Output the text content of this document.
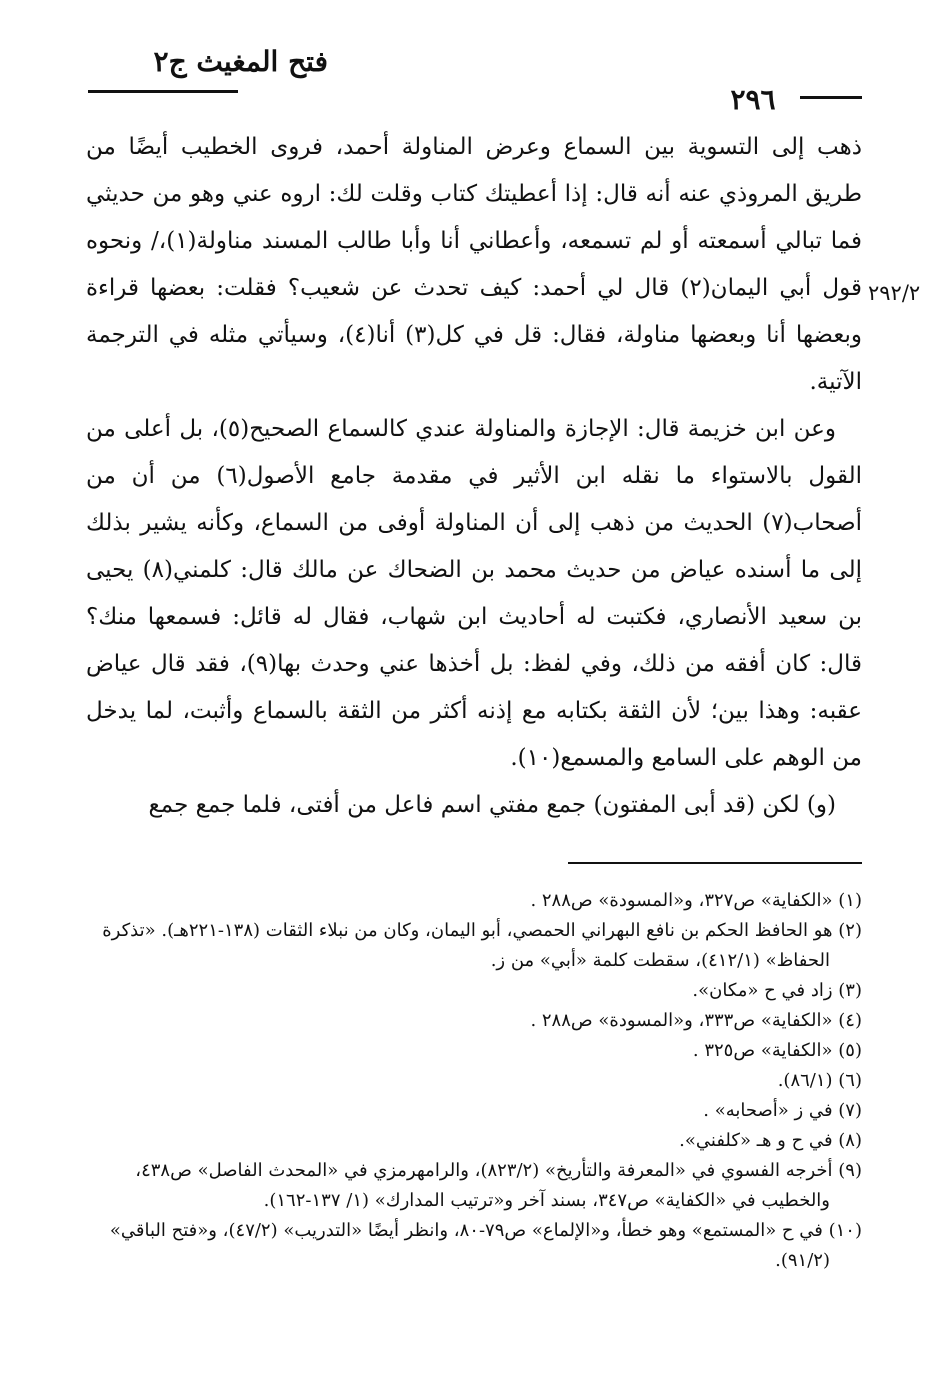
فتح المغيث ج٢
٢٩٦
٢٩٢/٢

ذهب إلى التسوية بين السماع وعرض المناولة أحمد، فروى الخطيب أيضًا من طريق المروذي عنه أنه قال: إذا أعطيتك كتاب وقلت لك: اروه عني وهو من حديثي فما تبالي أسمعته أو لم تسمعه، وأعطاني أنا وأبا طالب المسند مناولة(١)،/ ونحوه قول أبي اليمان(٢) قال لي أحمد: كيف تحدث عن شعيب؟ فقلت: بعضها قراءة وبعضها أنا وبعضها مناولة، فقال: قل في كل(٣) أنا(٤)، وسيأتي مثله في الترجمة الآتية.

وعن ابن خزيمة قال: الإجازة والمناولة عندي كالسماع الصحيح(٥)، بل أعلى من القول بالاستواء ما نقله ابن الأثير في مقدمة جامع الأصول(٦) من أن من أصحاب(٧) الحديث من ذهب إلى أن المناولة أوفى من السماع، وكأنه يشير بذلك إلى ما أسنده عياض من حديث محمد بن الضحاك عن مالك قال: كلمني(٨) يحيى بن سعيد الأنصاري، فكتبت له أحاديث ابن شهاب، فقال له قائل: فسمعها منك؟ قال: كان أفقه من ذلك، وفي لفظ: بل أخذها عني وحدث بها(٩)، فقد قال عياض عقبه: وهذا بين؛ لأن الثقة بكتابه مع إذنه أكثر من الثقة بالسماع وأثبت، لما يدخل من الوهم على السامع والمسمع(١٠).

(و) لكن (قد أبى المفتون) جمع مفتي اسم فاعل من أفتى، فلما جمع جمع

(١) «الكفاية» ص٣٢٧، و«المسودة» ص٢٨٨ .

(٢) هو الحافظ الحكم بن نافع البهراني الحمصي، أبو اليمان، وكان من نبلاء الثقات (١٣٨-٢٢١هـ). «تذكرة الحفاظ» (٤١٢/١)، سقطت كلمة «أبي» من ز.

(٣) زاد في ح «مكان».

(٤) «الكفاية» ص٣٣٣، و«المسودة» ص٢٨٨ .

(٥) «الكفاية» ص٣٢٥ .

(٦) (٨٦/١).

(٧) في ز «أصحابه» .

(٨) في ح و هـ «كلفني».

(٩) أخرجه الفسوي في «المعرفة والتأريخ» (٨٢٣/٢)، والرامهرمزي في «المحدث الفاصل» ص٤٣٨، والخطيب في «الكفاية» ص٣٤٧، بسند آخر و«ترتيب المدارك» (١/ ١٣٧-١٦٢).

(١٠) في ح «المستمع» وهو خطأ، و«الإلماع» ص٧٩-٨٠، وانظر أيضًا «التدريب» (٤٧/٢)، و«فتح الباقي» (٩١/٢).
